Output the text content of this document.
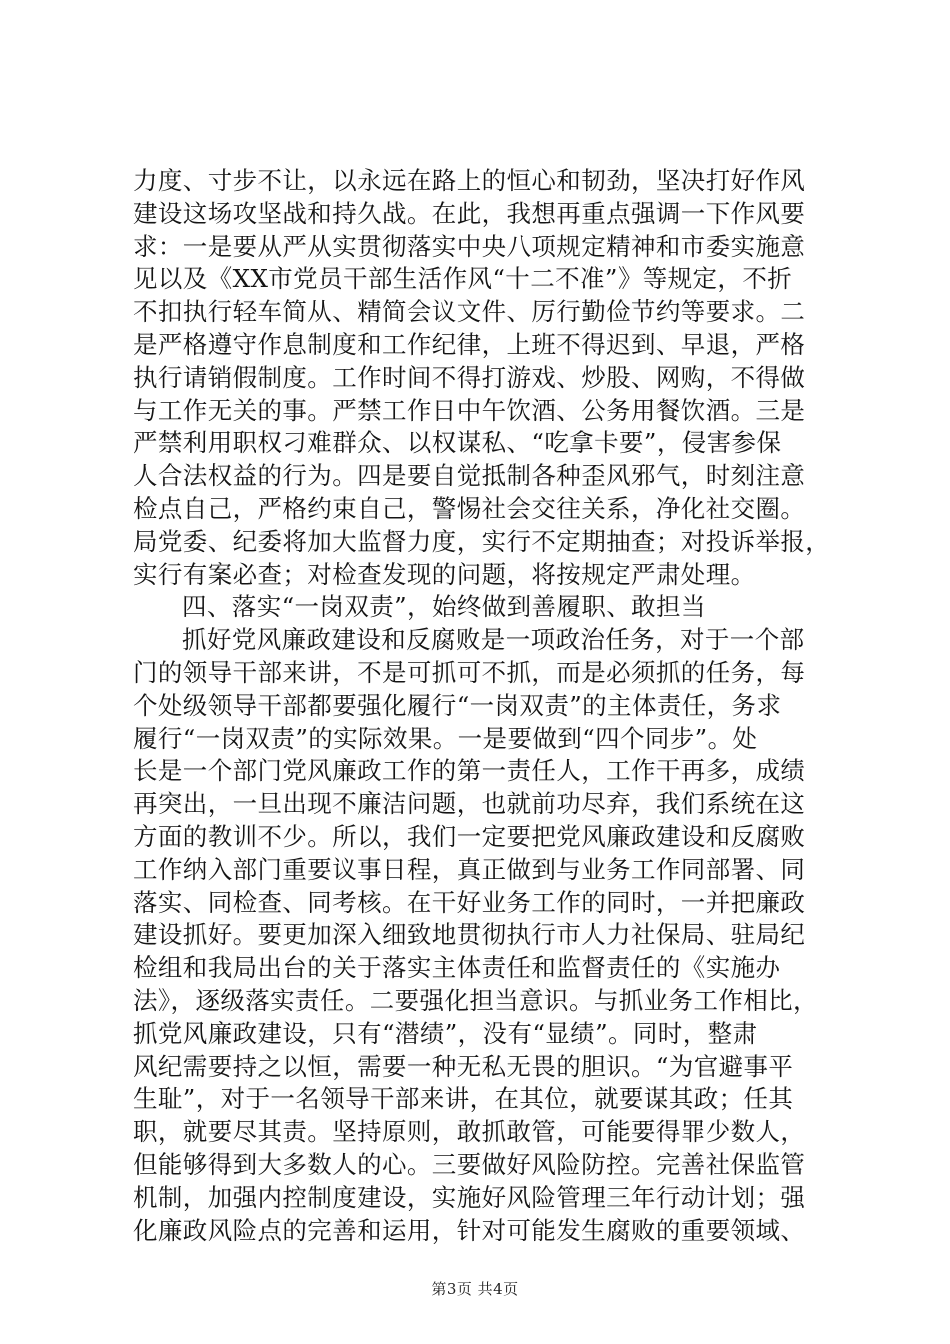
力度、寸步不让，以永远在路上的恒心和韧劲，坚决打好作风
建设这场攻坚战和持久战。在此，我想再重点强调一下作风要
求：一是要从严从实贯彻落实中央八项规定精神和市委实施意
见以及《XX市党员干部生活作风“十二不准”》等规定，不折
不扣执行轻车简从、精简会议文件、厉行勤俭节约等要求。二
是严格遵守作息制度和工作纪律，上班不得迟到、早退，严格
执行请销假制度。工作时间不得打游戏、炒股、网购，不得做
与工作无关的事。严禁工作日中午饮酒、公务用餐饮酒。三是
严禁利用职权刁难群众、以权谋私、“吃拿卡要”，侵害参保
人合法权益的行为。四是要自觉抵制各种歪风邪气，时刻注意
检点自己，严格约束自己，警惕社会交往关系，净化社交圈。
局党委、纪委将加大监督力度，实行不定期抽查；对投诉举报，
实行有案必查；对检查发现的问题，将按规定严肃处理。
四、落实“一岗双责”，始终做到善履职、敢担当
抓好党风廉政建设和反腐败是一项政治任务，对于一个部
门的领导干部来讲，不是可抓可不抓，而是必须抓的任务，每
个处级领导干部都要强化履行“一岗双责”的主体责任，务求
履行“一岗双责”的实际效果。一是要做到“四个同步”。处
长是一个部门党风廉政工作的第一责任人，工作干再多，成绩
再突出，一旦出现不廉洁问题，也就前功尽弃，我们系统在这
方面的教训不少。所以，我们一定要把党风廉政建设和反腐败
工作纳入部门重要议事日程，真正做到与业务工作同部署、同
落实、同检查、同考核。在干好业务工作的同时，一并把廉政
建设抓好。要更加深入细致地贯彻执行市人力社保局、驻局纪
检组和我局出台的关于落实主体责任和监督责任的《实施办
法》，逐级落实责任。二要强化担当意识。与抓业务工作相比，
抓党风廉政建设，只有“潜绩”，没有“显绩”。同时，整肃
风纪需要持之以恒，需要一种无私无畏的胆识。“为官避事平
生耻”，对于一名领导干部来讲，在其位，就要谋其政；任其
职，就要尽其责。坚持原则，敢抓敢管，可能要得罪少数人，
但能够得到大多数人的心。三要做好风险防控。完善社保监管
机制，加强内控制度建设，实施好风险管理三年行动计划；强
化廉政风险点的完善和运用，针对可能发生腐败的重要领域、
第3页 共4页
